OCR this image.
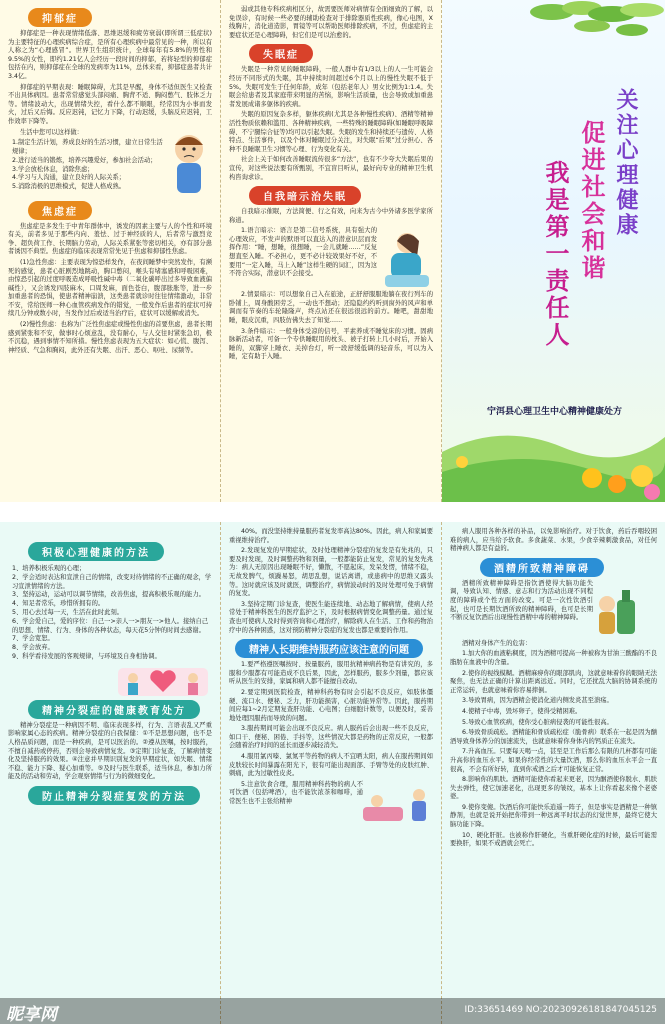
抑郁症

抑郁症是一种表现情绪低落、思维迟缓和疲劳衰弱(即所谓三低症状)为主要特征的心理疾病综合症，是所有心理疾病中最常见的一种，所以有人称之为“心理感冒”。世界卫生组织统计，全球每年有5.8%的男性和9.5%的女性，即约1.21亿人会经历一段时间的抑郁，若将轻型的抑郁症包括在内，则抑郁症在全球的发病率为11%，总体来看，抑郁症患者共计3.4亿。

抑郁症的早期表现：睡眠障碍，尤其是早醒，身体不适但医生又检查不出具体病因。患者常常感觉头部闷痛、胸背不适、胸闷憋气、肢体乏力等。情绪波动大，出现情绪失控，看什么都不顺眼，经常因为小事而发火，过后又后悔。反应迟钝，记忆力下降，行动迟缓，头脑反应迟钝，工作效率下降等。

生活中您可以这样做：

1.制定生活计划，养成良好的生活习惯，建立日常生活规律；
2.进行适当的锻炼，培养兴趣爱好，参加社会活动；
3.学会放松休息，消除焦虑；
4.学习与人沟通，建立良好的人际关系；
5.消除消极的思维模式，促进人格成熟。
焦虑症

焦虑症是多发生于中青年群体中，诱发的因素主要与人的个性和环境有关，前者多见于那些内向、羞怯、过于神经质的人，后者常与激烈竞争、超负荷工作、长期脑力劳动，人际关系紧张等密切相关，亦有部分患者诱因不典型。焦虑症的临床表现常常先见于焦虑和抑郁性焦虑。

(1)急性焦虑：主要表现为惊恐样发作，在夜间睡梦中突然发作，有濒死的感觉，患者心脏剧烈地跳动，胸口憋闷，喉头有堵塞感和呼吸困难，由惊恐引起的过度呼吸造成呼吸性碱中毒（二氧化碳呼出过多导致血液偏碱性），又会诱发四肢麻木，口周发麻，面色苍白，腹部胀胀等，进一步加重患者的恐惧，使患者精神崩溃，这类患者就诊时往往情绪激动，非常不安，常给医师一种心血管疾病发作的错觉，一般发作后患者的症状可持续几分钟或数小时，当发作过后或适当治疗后，症状可以缓解或消失。

(2)慢性焦虑：也称为广泛性焦虑症或慢性焦虑的首要焦虑，患者长期感到紧张和不安，做事时心烦意乱，没有耐心，与人交往时紧张急切，极不沉稳，遇到事情不知所措。慢性焦虑表现为五大症状：如心慌、腹泻、神经质、气急和胸闷，此外还有失眠、出汗、恶心、呕吐、尿频等。

弱或其他专科疾病相区分，故需要医师对病情有全面细致的了解，以免误诊，有时候一些必要的辅助检查对于排除器质性疾病，像心电图，X线胸片，消化道造影，胃镜等可以帮助医师排除疾病，不过，焦虑症的主要症状还是心理障碍，但它们是可以治愈的。

失眠症

失眠是一种常见的睡眠障碍，一般人群中有1/3以上的人一生可能会经历不同形式的失眠，其中持续时间超过6个月以上的慢性失眠不低于5%。失眠可发生于任何年龄，成年（包括老年人）男女比例为1:1.4。失眠会给患者及其家庭带来明显的苦恼，影响生活质量，也会导致或加重患者发展成诸多躯体的疾病。

失眠的原因复杂多样，躯体疾病(尤其是各种慢性疾病)、酒精等精神活性物质依赖和滥用、各种精神疾病，一些特殊的睡眠障碍(如睡眠呼吸障碍、不宁腿综合征等)均可以引起失眠。失眠的发生和持续还与遗传、人格特点、生活事件，以及个体对睡眠过分关注，对失眠“后果”过分担心、各种不良睡眠卫生习惯等心理、行为变化有关。

社会上关于如何改善睡眠流传很多“方法”，也有不少夸大失眠后果的宣传，对这些说法要有所甄别，不宜盲目听从，最好向专业的精神卫生机构咨询求诊。

自我暗示治失眠

自我暗示催眠，方法简便、行之有效，向来为古今中外诸多医学家所称道。

1.语言暗示：语言是第二信号系统，具有强大的心理效应，不发声的默语可以直达入的潜意识层而发挥作用：“睡，想睡，很想睡，一会儿就睡……”反复想直至入睡。不必担心，更不必计较效果好不好，不要用“一定入睡，马上入睡”这样生硬的词汇，因为这不符合实际，潜意识不会接受。

2.情景暗示：可以想象自己入在旅途，正舒舒服服地躺在夜行列车的卧铺上，周身酸困劳乏，一动也不想动；还隐隐约约听到窗外的风声和单调而有节奏的车轮隆隆声，终点站还在很远很远的前方。睡吧，甜甜地睡，眼皮沉重，四肢仿佛失去了知觉……

3.条件暗示：一般身体受凉的信号，平素养成不睡觉床的习惯。固病脉新活动者，可备一个专供睡眠用的枕头、被子打转上几小时后，开始入睡的，双脚穿上睡衣、关掉台灯，听一段舒缓低调的轻音乐，可以为入睡，定有助于入睡。

关注心理健康
促进社会和谐
我是第一责任人
宁洱县心理卫生中心精神健康处方
积极心理健康的方法
1、培养积极乐观的心理；
2、学会适时表达和宣泄自己的情绪，改变对待情绪的不正确的观念，学习宣泄情绪的方法。
3、坚持运动，运动可以调节情绪，改善焦虑，提高积极乐观的能力。
4、知足者常乐，珍惜所拥有的。
5、用心去过每一天，生活在此时此刻。
6、学会爱自己，爱的序位：自己一>亲人一>朋友一>他人。接纳自己的思想、情绪、行为、身体的各种状态，每天花5分钟的时间去感谢。
7、学会宽恕。
8、学会放弃。
9、科学看待发展的客观规律，与环境及自身相协调。
精神分裂症的健康教育处方

精神分裂症是一种病因不明、临床表现多样，行为、言语表乱又严重影响家属心态的疾病。精神分裂症的自我保健：①不是思想问题，也不是人格品质问题，而是一种疾病，是可以医治的。②遵从医嘱，按时服药，不擅自减药或停药，否则会导致病情复发。③定期门诊复查，了解病情变化及坚持服药的效果。④注意并早期识别复发的早期症状，如失眠、情绪不稳、能力下降、疑心加重等。⑤及时与医生联系，适当休息，参加力所能及的活动和劳动，学会观察情绪与行为的微细变化。

防止精神分裂症复发的方法

40%。而没坚持维持量服药者复发率高达80%。因此，病人和家属要重视维持治疗。

2.发现复发的早期症状，及时处理精神分裂症的复发是有先兆的，只要及时发现，及时调整药物和剂量，一般都能防止复发，常见的复发先兆为：病人无原因出现睡眠不好，懒散，不愿起床，发呆发愣，情绪不稳，无故发脾气，烦躁易怒，胡思乱想，说话离谱，或患病中的思维又露头等。这时就应该及时就医，调整治疗，病情波动时的及时处理可免于病情的复发。

3.坚持定期门诊复查，使医生能连续地、动态地了解病情，使病人经常处于精神科医生的医疗监护之下，及时根据病情变化调整药量。通过复查也可使病人及时得到咨询和心理治疗，解除病人在生活、工作和药物治疗中的各种困惑，这对预防精神分裂症的复发也都是重要的作用。

精神人长期维持服药应该注意的问题

1.要严格遵医嘱按时、按量服药，服用抗精神病药物是有讲究的，多服和少服都有可能造成不良后果，因此，怎样服药，服多少剂量，都应该听从医生的安排，家属和病人都不能擅自改动。

2.要定期到医院检查，精神科药物有时会引起不良反应，如肢体僵硬、流口水、便秘、乏力，肝功能损害，心脏功能异常等。因此，服药期间应每1~2月定期复查肝功能、心电图；白细胞计数等，以便及时，妥善地处理因服药而导致的问题。

3.服药期间可能会出现不良反应。病人服药后会出现一些不良反应，如口干、便秘、困倦、手抖等，这些情况大都是药物的正常反应，一般都会随着治疗时间的延长而逐步减轻消失。

4.服用氯丙嗪、氯氮平等药物的病人不宜晒太阳，病人在服药期间如皮肤较长时间暴露在阳光下，很有可能出现面部、手臂等处的皮肤红肿、刺痛，此为过敏性皮炎。

5.注意饮食合理，服用精神科药物的病人不可饮酒（包括啤酒），也不能饮浓茶和咖啡，通常医生也不主张给精神

病人服用各种各样的补品，以免影响治疗。对于饮食，药后吞咽较困难的病人，应当给予软食。多食蔬菜、水果，少食辛辣刺激食品，对任何精神病人都是有益的。

酒精所致精神障碍

酒精所致精神障碍是指饮酒使得大脑功能失调，导致认知、情感、意志和行为活动出现不同程度的障碍或个性方面的改变。可是一次性饮酒引起，也可是长期饮酒所致的精神障碍，也可是长期不断反复饮酒后出现慢性酒精中毒的精神障碍。

酒精对身体产生的危害：

1.加大你的血液粘稠度，因为酒精可提高一种被称为甘油三酸酯的不良脂肪在血液中的含量。

2.使你的视线模糊。酒精麻痹你的眼部肌肉，这就意味着你的眼睛无法聚焦，也无法正确的计算出距离远近。同时，它还扰乱大脑的协调系统的正常运转，也就意味着你容易摔倒。

3.导致胃病，因为酒精会使消化道内侧发炎甚至溃疡。

4.使精子中毒，毁坏卵子，使得受精困难。

5.导致心血管疾病，使你受心脏病侵袭的可能性很高。

6.导致骨质疏松。酒精能和骨质疏松症（脆骨病）联系在一起是因为酗酒导致身体养分的加速流失，也就意味着你身体内的钙质正在流失。

7.升高血压。只要每天喝一点，甚至是工作后那么有限的几杯都有可能升高你的血压水平。如果你经常性的大量饮酒，那么你的血压水平会一直很高，不会有所好转，直到你戒酒之后才可能恢复正常。

8.影响你的肌肤。酒精可能使你看起来更老，因为酗酒使你脱水、肌肤失去弹性，使它加速老化，出现更多的皱纹，基本上让你看起来像个老婆婆。

9.使你变傻。饮酒后你可能快乐逍遥一阵子，但是事实是酒精是一种镇静剂，也就是说开始把你带到一种远离平时状态的幻觉世界，最终它使大脑功能下降。

10、硬化肝脏。也被称作肝硬化，当重肝硬化症的时候，最后可能需要换肝，如果不戒酒就会死亡。

昵享网	ID:33651469 NO:20230926181847045125
